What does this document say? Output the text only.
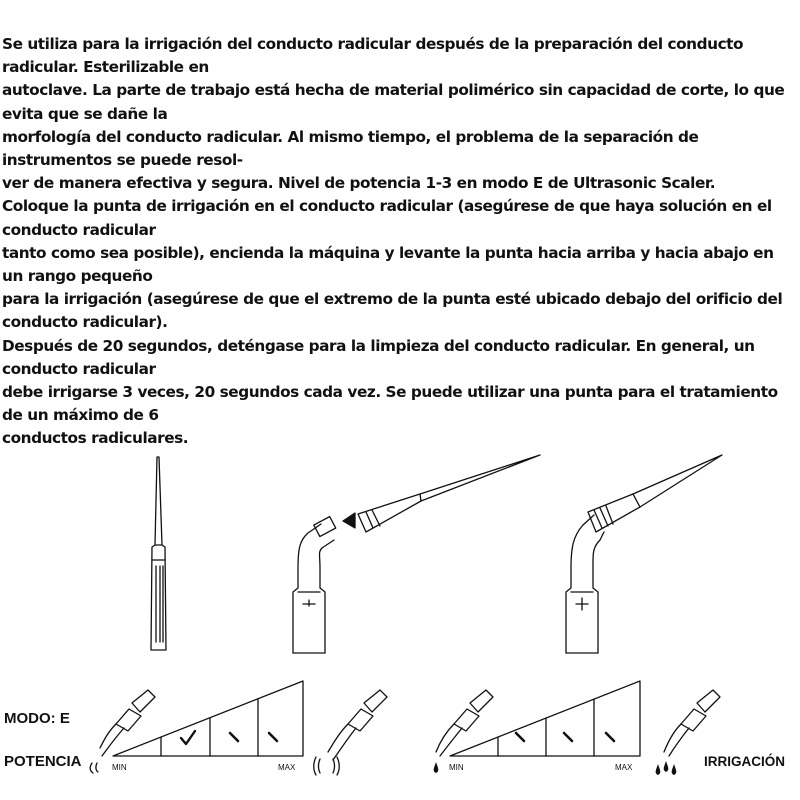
Se utiliza para la irrigación del conducto radicular después de la preparación del conducto

radicular. Esterilizable en

autoclave. La parte de trabajo está hecha de material polimérico sin capacidad de corte, lo que

evita que se dañe la

morfología del conducto radicular. Al mismo tiempo, el problema de la separación de

instrumentos se puede resol-

ver de manera efectiva y segura. Nivel de potencia 1-3 en modo E de Ultrasonic Scaler.

Coloque la punta de irrigación en el conducto radicular (asegúrese de que haya solución en el

conducto radicular

tanto como sea posible), encienda la máquina y levante la punta hacia arriba y hacia abajo en

un rango pequeño

para la irrigación (asegúrese de que el extremo de la punta esté ubicado debajo del orificio del

conducto radicular).

Después de 20 segundos, deténgase para la limpieza del conducto radicular. En general, un

conducto radicular

debe irrigarse 3 veces, 20 segundos cada vez. Se puede utilizar una punta para el tratamiento

de un máximo de 6

conductos radiculares.

MODO: E
POTENCIA	IRRIGACIÓN
MIN	MAX	MIN	MAX
